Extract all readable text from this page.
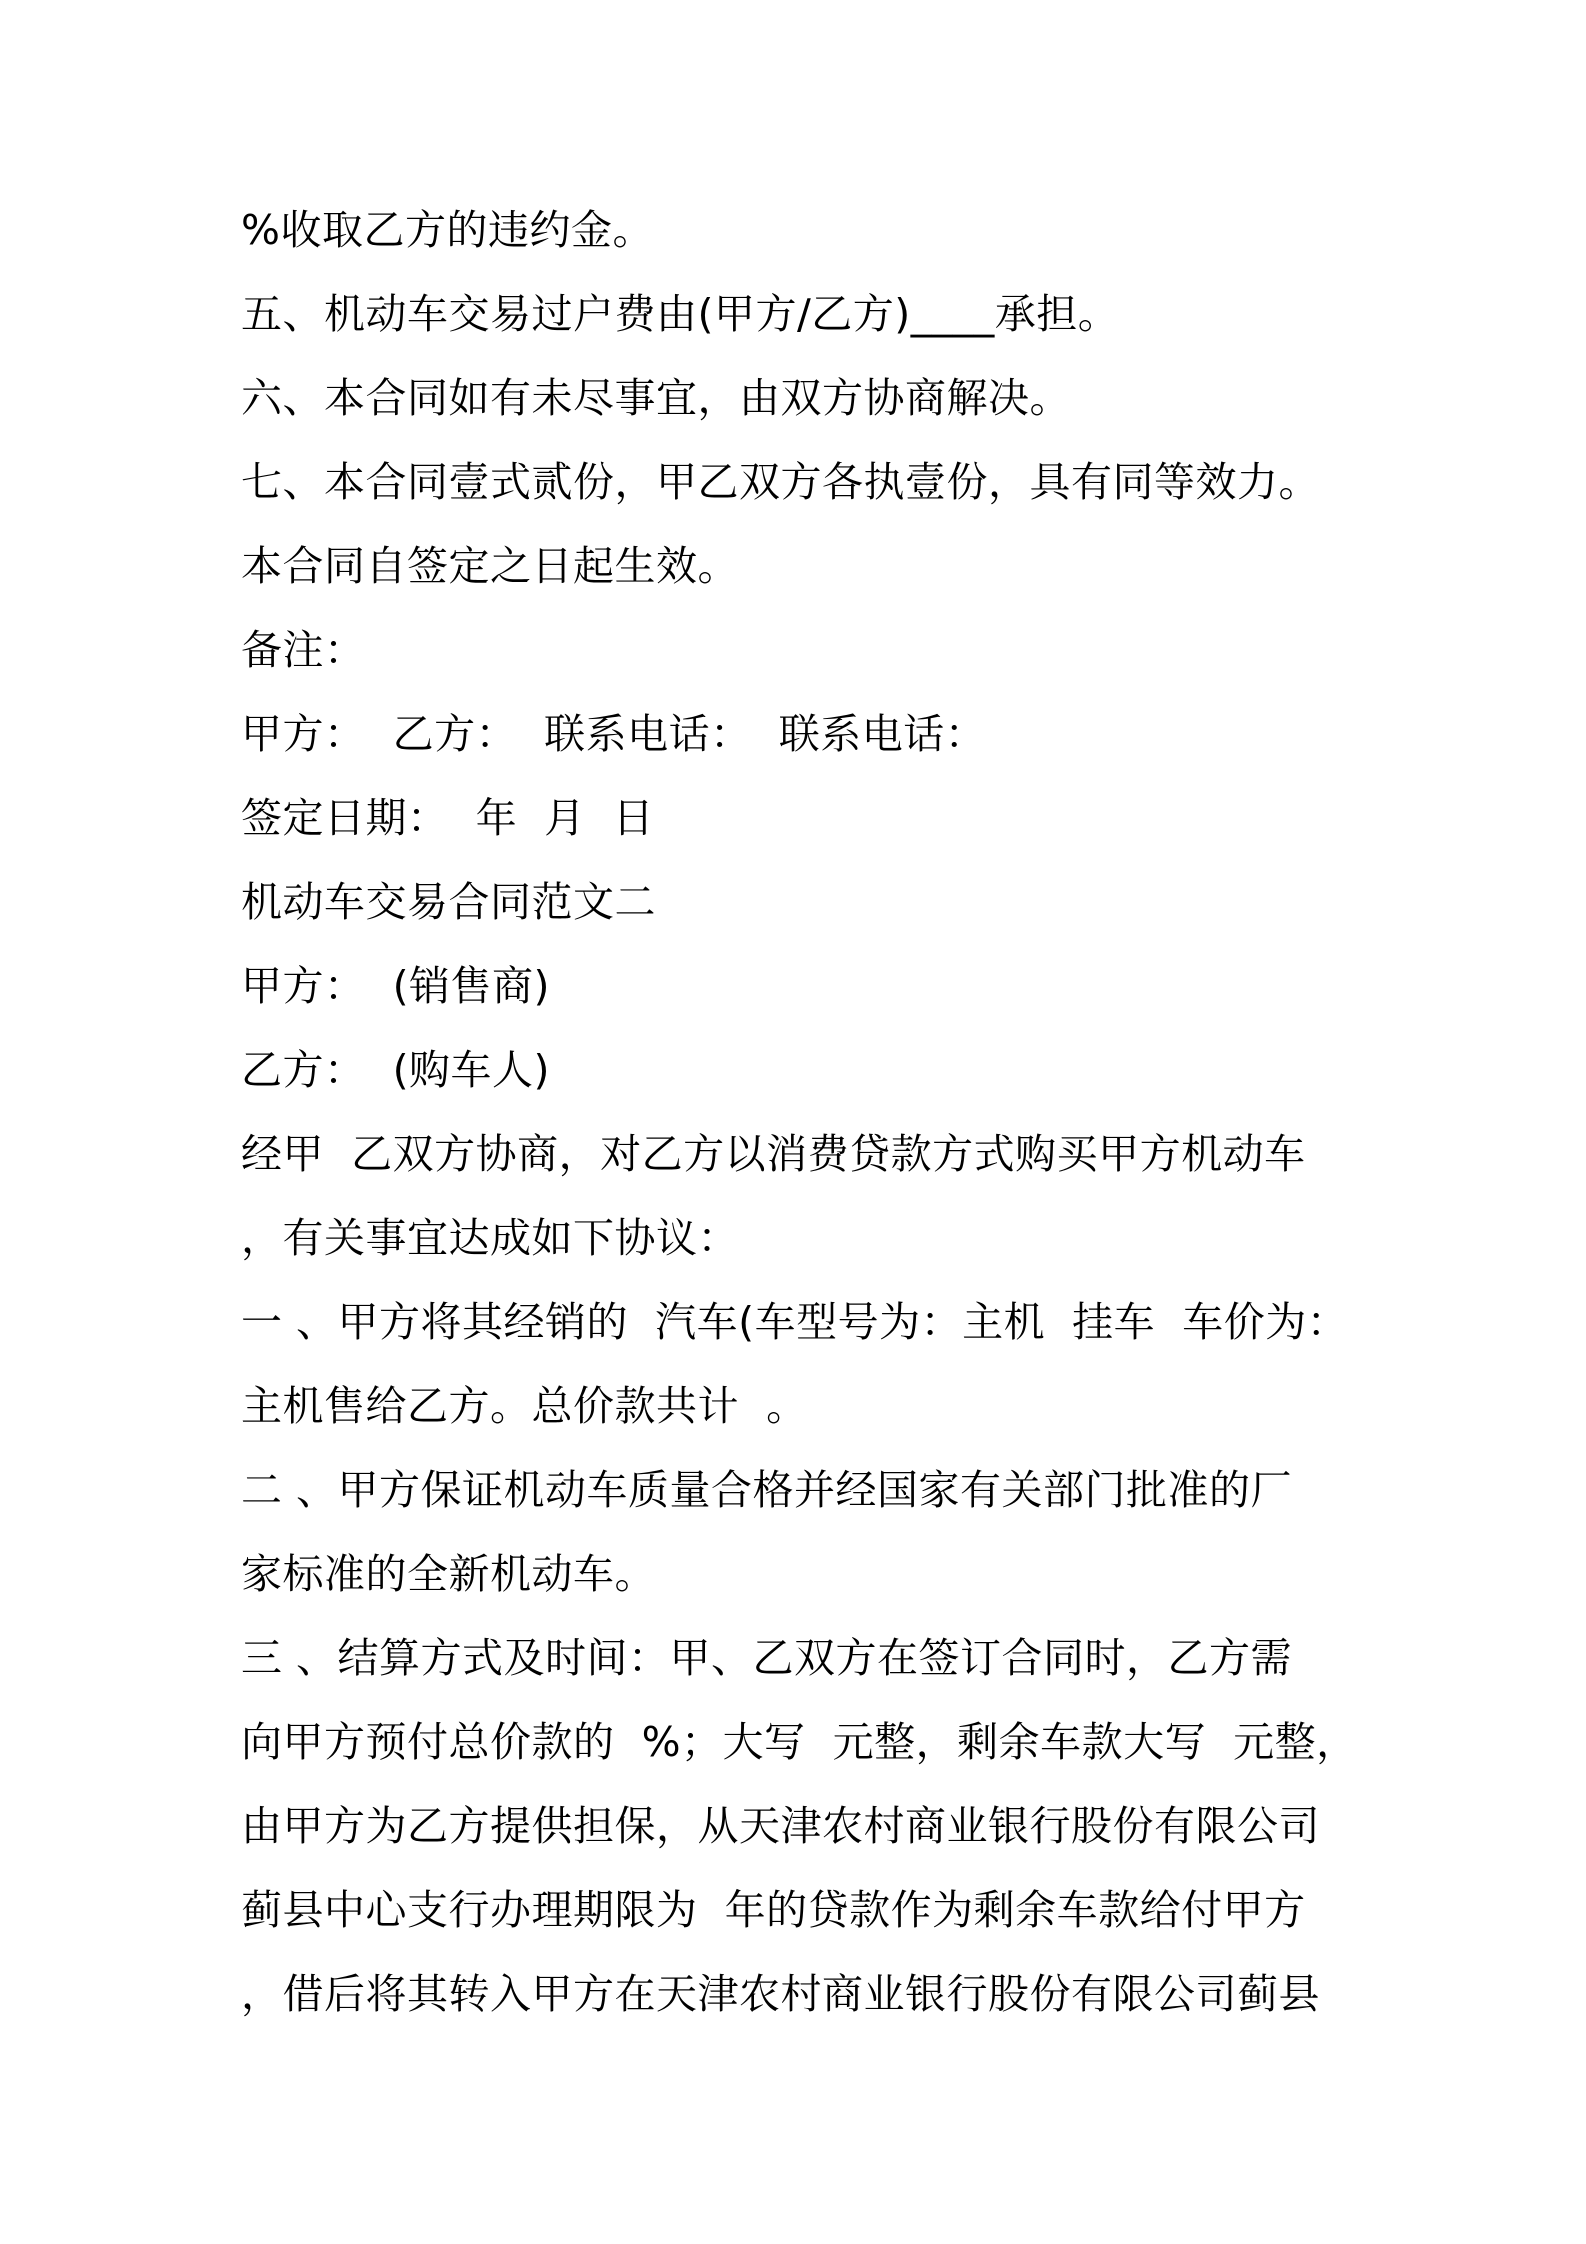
%收取乙方的违约金。
五、机动车交易过户费由(甲方/乙方)____承担。
六、本合同如有未尽事宜，由双方协商解决。
七、本合同壹式贰份，甲乙双方各执壹份，具有同等效力。
本合同自签定之日起生效。
备注：
甲方：  乙方：  联系电话：  联系电话：
签定日期：  年  月  日
机动车交易合同范文二
甲方：  (销售商)
乙方：  (购车人)
经甲  乙双方协商，对乙方以消费贷款方式购买甲方机动车
，有关事宜达成如下协议：
一 、甲方将其经销的  汽车(车型号为：主机  挂车  车价为：
主机售给乙方。总价款共计  。
二 、甲方保证机动车质量合格并经国家有关部门批准的厂
家标准的全新机动车。
三 、结算方式及时间：甲、乙双方在签订合同时，乙方需
向甲方预付总价款的  %；大写  元整，剩余车款大写  元整，
由甲方为乙方提供担保，从天津农村商业银行股份有限公司
蓟县中心支行办理期限为  年的贷款作为剩余车款给付甲方
，借后将其转入甲方在天津农村商业银行股份有限公司蓟县
